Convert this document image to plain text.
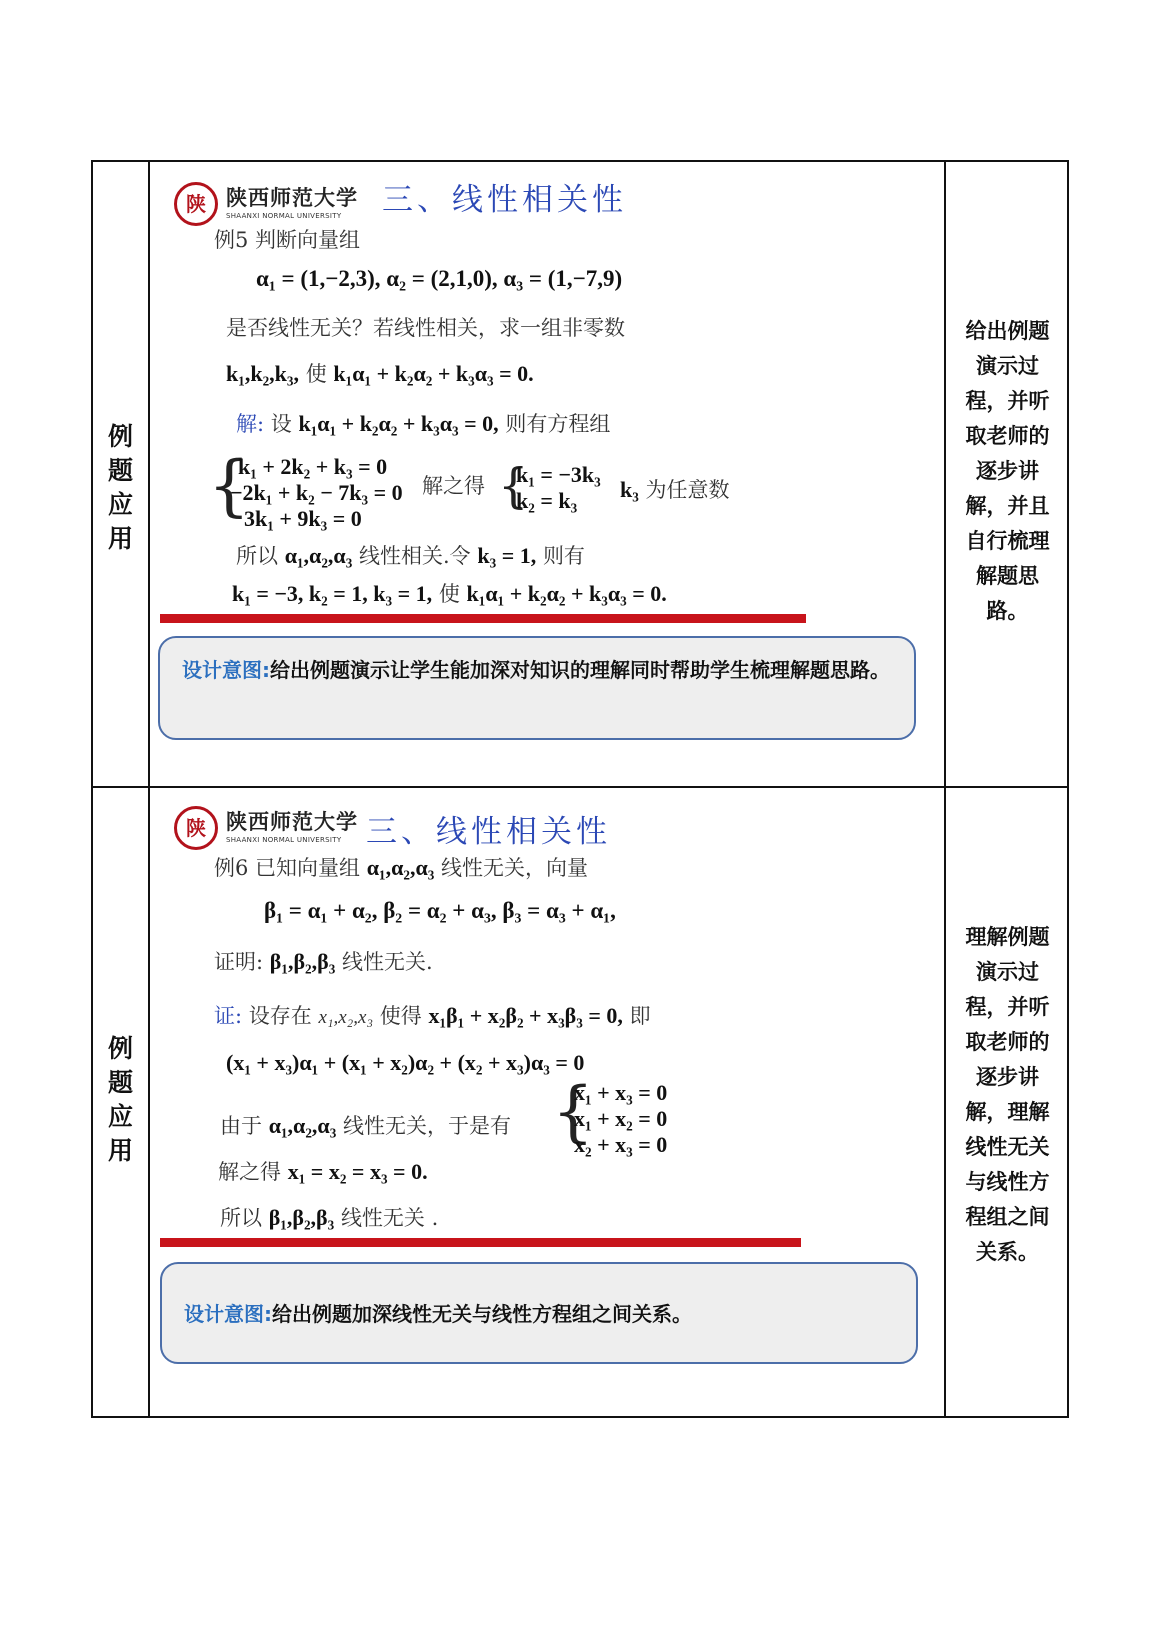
例
题
应
用
陕 陕西师范大学
SHAANXI NORMAL UNIVERSITY 三、线性相关性
例5 判断向量组
α₁ = (1,−2,3), α₂ = (2,1,0), α₃ = (1,−7,9)
是否线性无关？若线性相关，求一组非零数
k₁,k₂,k₃, 使 k₁α₁ + k₂α₂ + k₃α₃ = 0.
解: 设 k₁α₁ + k₂α₂ + k₃α₃ = 0, 则有方程组
{
k₁ + 2k₂ + k₃ = 0
−2k₁ + k₂ − 7k₃ = 0
3k₁ + 9k₃ = 0
解之得 {
k₁ = −3k₃
k₂ = k₃	k₃ 为任意数
所以 α₁,α₂,α₃ 线性相关.令 k₃ = 1, 则有
k₁ = −3, k₂ = 1, k₃ = 1, 使 k₁α₁ + k₂α₂ + k₃α₃ = 0.
设计意图:给出例题演示让学生能加深对知识的理解同时帮助学生梳理解题思路。
给出例题
演示过
程，并听
取老师的
逐步讲
解，并且
自行梳理
解题思
路。
例
题
应
用
陕 陕西师范大学
SHAANXI NORMAL UNIVERSITY 三、线性相关性
例6 已知向量组 α₁,α₂,α₃ 线性无关，向量
β₁ = α₁ + α₂, β₂ = α₂ + α₃, β₃ = α₃ + α₁,
证明: β₁,β₂,β₃ 线性无关.
证: 设存在 x₁,x₂,x₃ 使得 x₁β₁ + x₂β₂ + x₃β₃ = 0, 即
(x₁ + x₃)α₁ + (x₁ + x₂)α₂ + (x₂ + x₃)α₃ = 0
由于 α₁,α₂,α₃ 线性无关，于是有 {
x₁ + x₃ = 0
x₁ + x₂ = 0
x₂ + x₃ = 0
解之得 x₁ = x₂ = x₃ = 0.
所以 β₁,β₂,β₃ 线性无关 .
设计意图:给出例题加深线性无关与线性方程组之间关系。
理解例题
演示过
程，并听
取老师的
逐步讲
解，理解
线性无关
与线性方
程组之间
关系。
